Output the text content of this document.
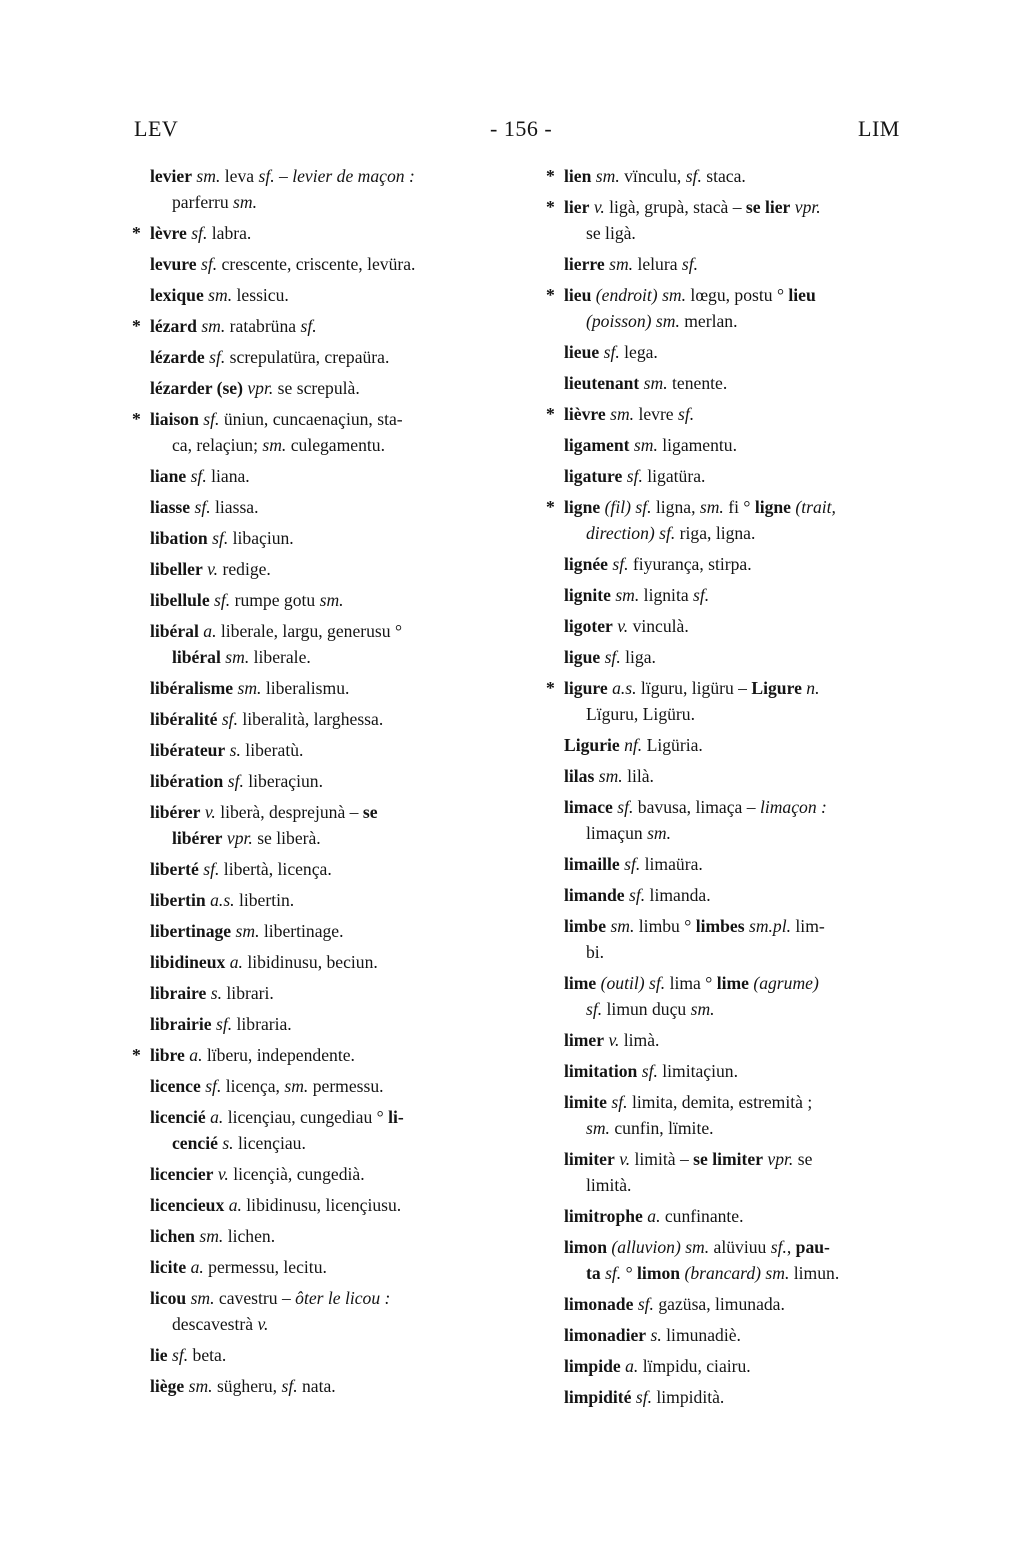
LEV	- 156 -	LIM
levier sm. leva sf. – levier de maçon :
parferru sm.
* lèvre sf. labra.
levure sf. crescente, criscente, levüra.
lexique sm. lessicu.
* lézard sm. ratabrüna sf.
lézarde sf. screpulatüra, crepaüra.
lézarder (se) vpr. se screpulà.
* liaison sf. üniun, cuncaenaçiun, sta-
ca, relaçiun; sm. culegamentu.
liane sf. liana.
liasse sf. liassa.
libation sf. libaçiun.
libeller v. redige.
libellule sf. rumpe gotu sm.
libéral a. liberale, largu, generusu °
libéral sm. liberale.
libéralisme sm. liberalismu.
libéralité sf. liberalità, larghessa.
libérateur s. liberatù.
libération sf. liberaçiun.
libérer v. liberà, desprejunà – se
libérer vpr. se liberà.
liberté sf. libertà, licença.
libertin a.s. libertin.
libertinage sm. libertinage.
libidineux a. libidinusu, beciun.
libraire s. librari.
librairie sf. libraria.
* libre a. lïberu, independente.
licence sf. licença, sm. permessu.
licencié a. licençiau, cungediau ° li-
cencié s. licençiau.
licencier v. licençià, cungedià.
licencieux a. libidinusu, licençiusu.
lichen sm. lichen.
licite a. permessu, lecitu.
licou sm. cavestru – ôter le licou :
descavestrà v.
lie sf. beta.
liège sm. sügheru, sf. nata.
* lien sm. vïnculu, sf. staca.
* lier v. ligà, grupà, stacà – se lier vpr.
se ligà.
lierre sm. lelura sf.
* lieu (endroit) sm. lœgu, postu ° lieu
(poisson) sm. merlan.
lieue sf. lega.
lieutenant sm. tenente.
* lièvre sm. levre sf.
ligament sm. ligamentu.
ligature sf. ligatüra.
* ligne (fil) sf. ligna, sm. fi ° ligne (trait,
direction) sf. riga, ligna.
lignée sf. fiyurança, stirpa.
lignite sm. lignita sf.
ligoter v. vinculà.
ligue sf. liga.
* ligure a.s. lïguru, ligüru – Ligure n.
Lïguru, Ligüru.
Ligurie nf. Ligüria.
lilas sm. lilà.
limace sf. bavusa, limaça – limaçon :
limaçun sm.
limaille sf. limaüra.
limande sf. limanda.
limbe sm. limbu ° limbes sm.pl. lim-
bi.
lime (outil) sf. lima ° lime (agrume)
sf. limun duçu sm.
limer v. limà.
limitation sf. limitaçiun.
limite sf. limita, demita, estremità ;
sm. cunfin, lïmite.
limiter v. limità – se limiter vpr. se
limità.
limitrophe a. cunfinante.
limon (alluvion) sm. alüviuu sf., pau-
ta sf. ° limon (brancard) sm. limun.
limonade sf. gazüsa, limunada.
limonadier s. limunadiè.
limpide a. lïmpidu, ciairu.
limpidité sf. limpidità.
